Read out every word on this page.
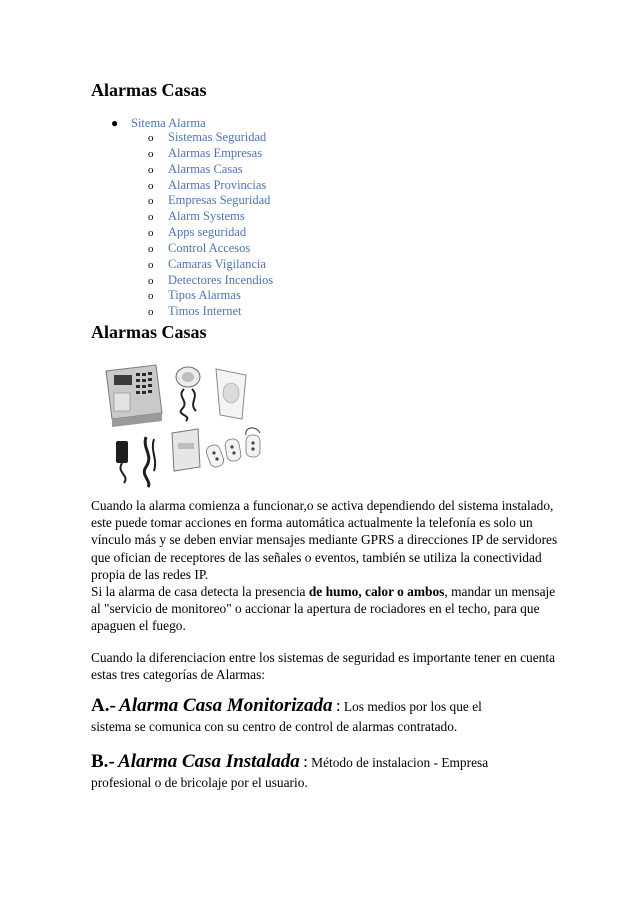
Alarmas Casas
● Sitema Alarma
o Sistemas Seguridad
o Alarmas Empresas
o Alarmas Casas
o Alarmas Provincias
o Empresas Seguridad
o Alarm Systems
o Apps seguridad
o Control Accesos
o Camaras Vigilancia
o Detectores Incendios
o Tipos Alarmas
o Timos Internet
Alarmas Casas

Cuando la alarma comienza a funcionar,o se activa dependiendo del sistema instalado, este puede tomar acciones en forma automática actualmente la telefonía es solo un vínculo más y se deben enviar mensajes mediante GPRS a direcciones IP de servidores que ofician de receptores de las señales o eventos, también se utiliza la conectividad propia de las redes IP.
Si la alarma de casa detecta la presencia de humo, calor o ambos, mandar un mensaje al "servicio de monitoreo" o accionar la apertura de rociadores en el techo, para que apaguen el fuego.

Cuando la diferenciacion entre los sistemas de seguridad es importante tener en cuenta estas tres categorías de Alarmas:

A.- Alarma Casa Monitorizada : Los medios por los que el
sistema se comunica con su centro de control de alarmas contratado.

B.- Alarma Casa Instalada : Método de instalacion - Empresa
profesional o de bricolaje por el usuario.
